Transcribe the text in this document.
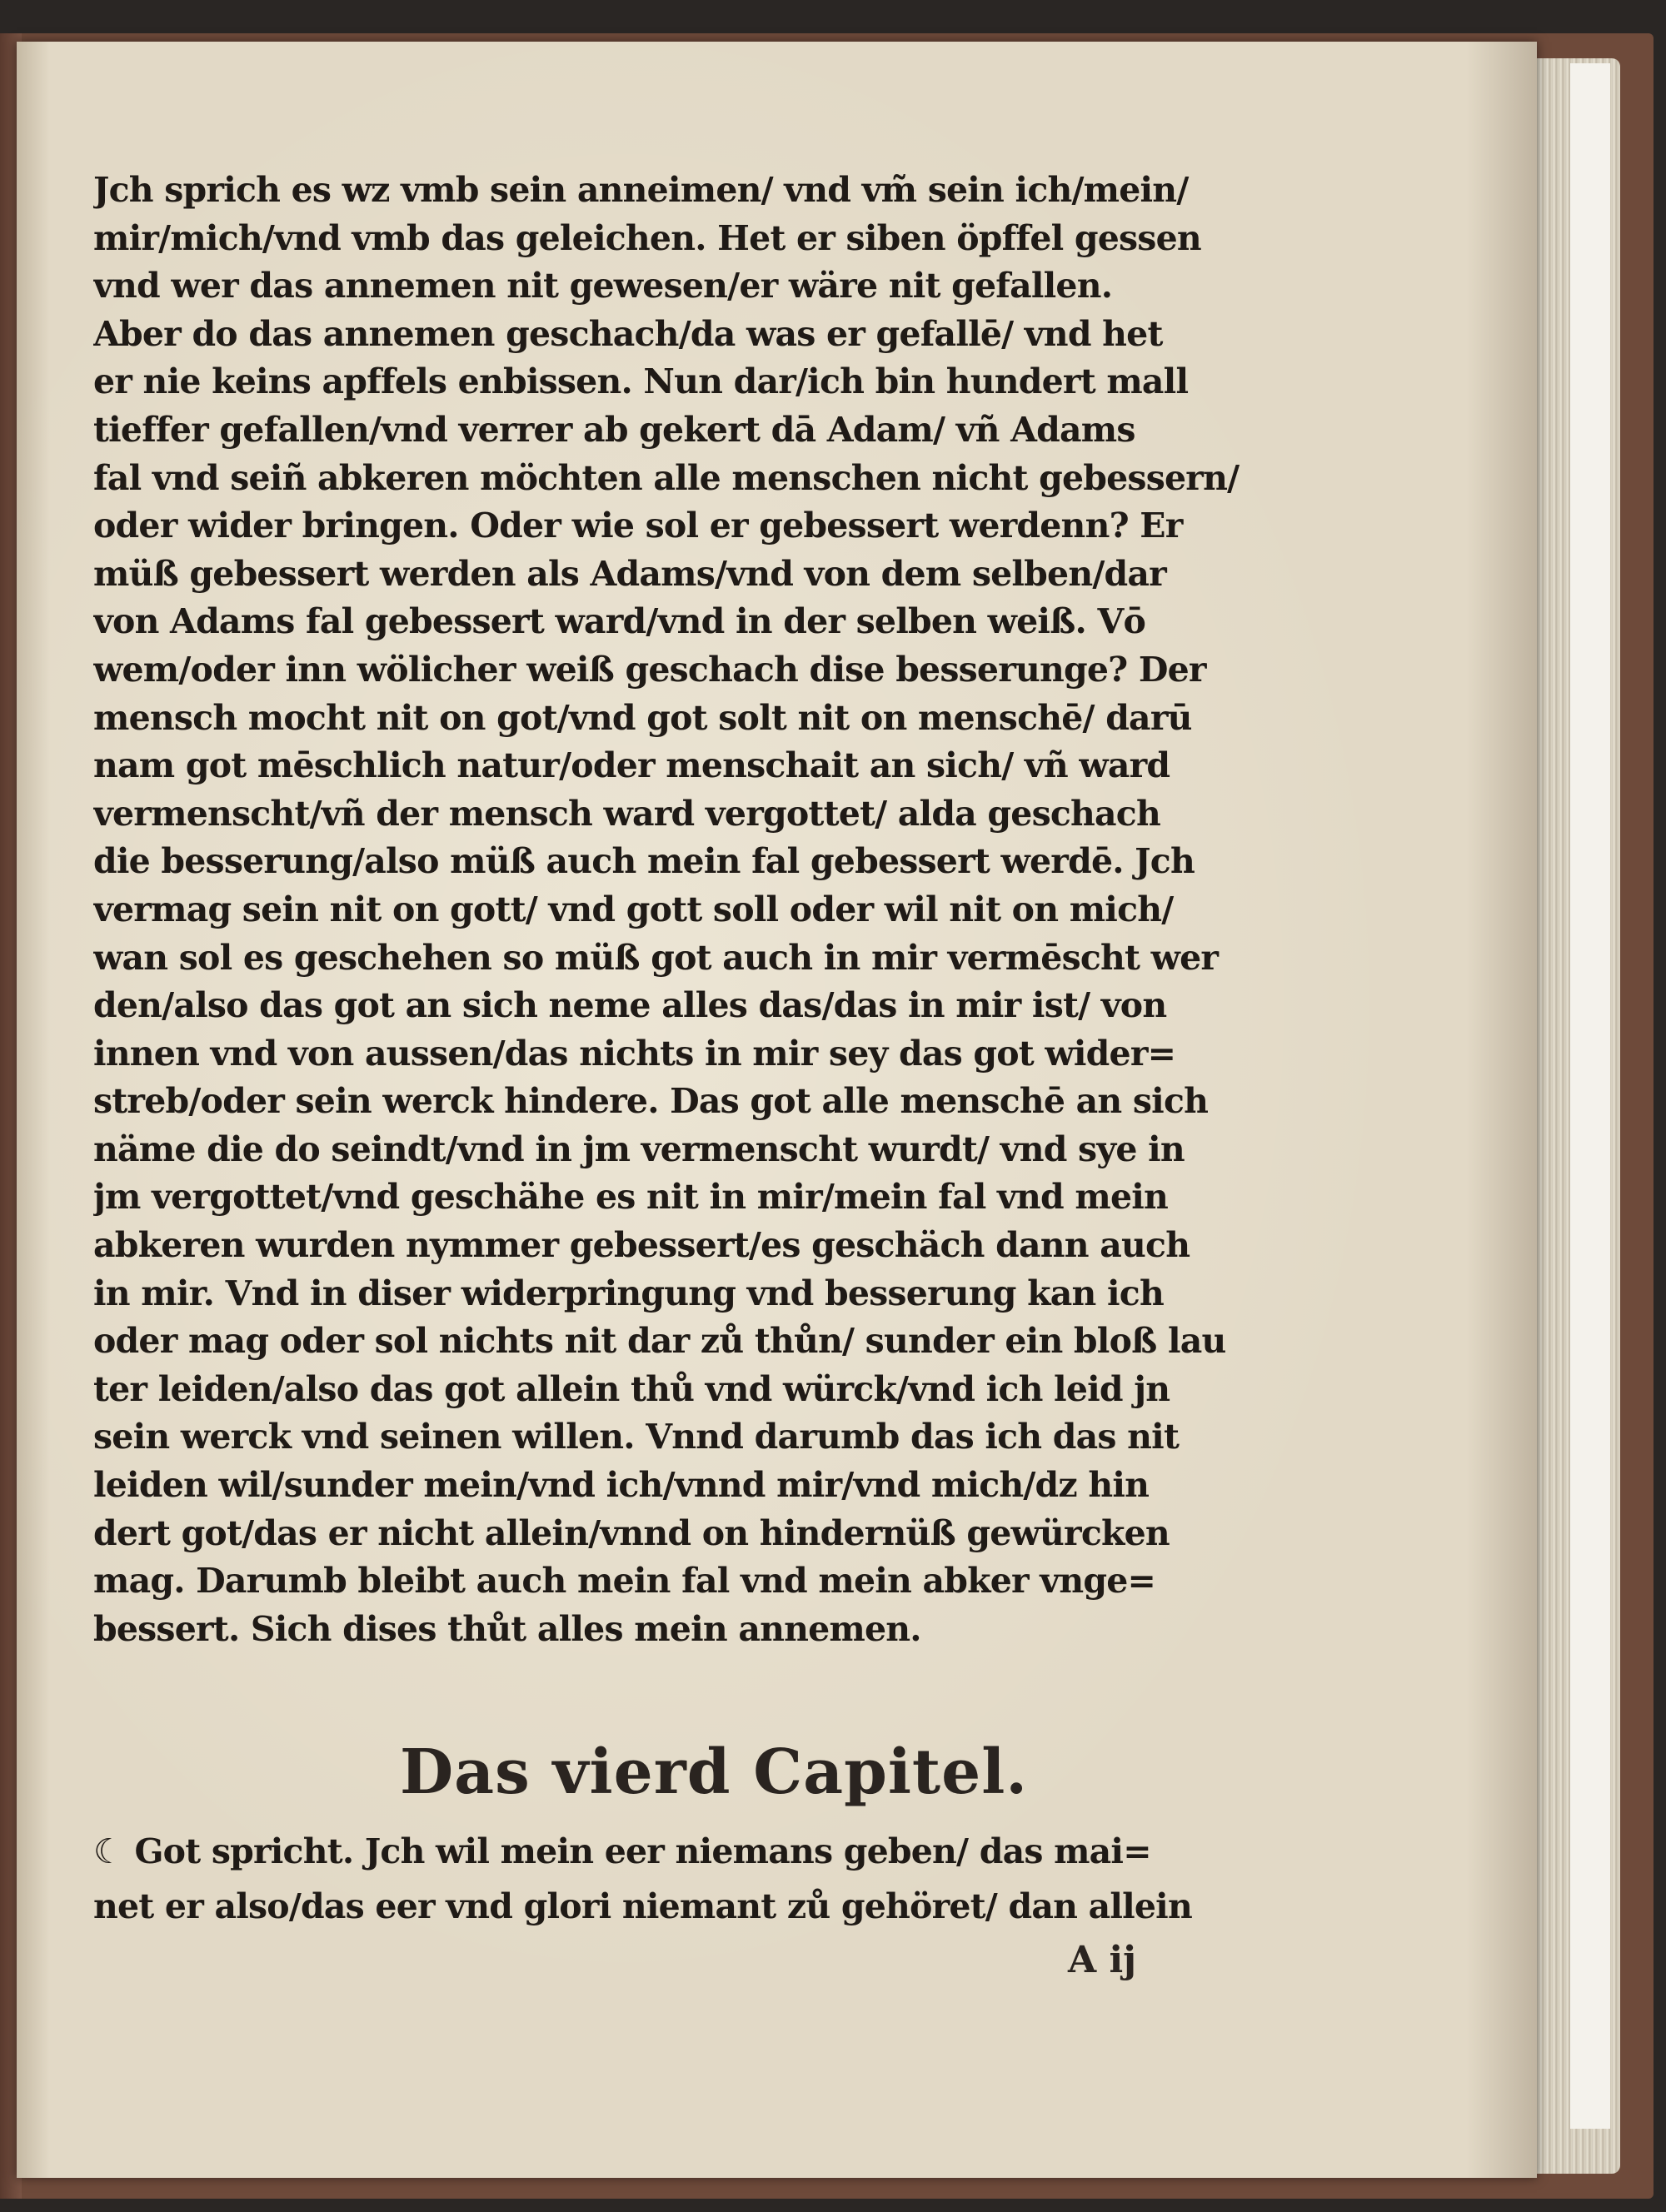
Jch sprich es wz vmb sein anneimen/ vnd vm̃ sein ich/mein/
mir/mich/vnd vmb das geleichen. Het er siben öpffel gessen
vnd wer das annemen nit gewesen/er wäre nit gefallen.
Aber do das annemen geschach/da was er gefallē/ vnd het
er nie keins apffels enbissen. Nun dar/ich bin hundert mall
tieffer gefallen/vnd verrer ab gekert dā Adam/ vñ Adams
fal vnd seiñ abkeren möchten alle menschen nicht gebessern/
oder wider bringen. Oder wie sol er gebessert werdenn? Er
müß gebessert werden als Adams/vnd von dem selben/dar
von Adams fal gebessert ward/vnd in der selben weiß. Vō
wem/oder inn wölicher weiß geschach dise besserunge? Der
mensch mocht nit on got/vnd got solt nit on menschē/ darū
nam got mēschlich natur/oder menschait an sich/ vñ ward
vermenscht/vñ der mensch ward vergottet/ alda geschach
die besserung/also müß auch mein fal gebessert werdē. Jch
vermag sein nit on gott/ vnd gott soll oder wil nit on mich/
wan sol es geschehen so müß got auch in mir vermēscht wer
den/also das got an sich neme alles das/das in mir ist/ von
innen vnd von aussen/das nichts in mir sey das got wider=
streb/oder sein werck hindere. Das got alle menschē an sich
näme die do seindt/vnd in jm vermenscht wurdt/ vnd sye in
jm vergottet/vnd geschähe es nit in mir/mein fal vnd mein
abkeren wurden nymmer gebessert/es geschäch dann auch
in mir. Vnd in diser widerpringung vnd besserung kan ich
oder mag oder sol nichts nit dar zů thůn/ sunder ein bloß lau
ter leiden/also das got allein thů vnd würck/vnd ich leid jn
sein werck vnd seinen willen. Vnnd darumb das ich das nit
leiden wil/sunder mein/vnd ich/vnnd mir/vnd mich/dz hin
dert got/das er nicht allein/vnnd on hindernüß gewürcken
mag. Darumb bleibt auch mein fal vnd mein abker vnge=
bessert. Sich dises thůt alles mein annemen.
Das vierd Capitel.
☾ Got spricht. Jch wil mein eer niemans geben/ das mai=
net er also/das eer vnd glori niemant zů gehöret/ dan allein
A ij
